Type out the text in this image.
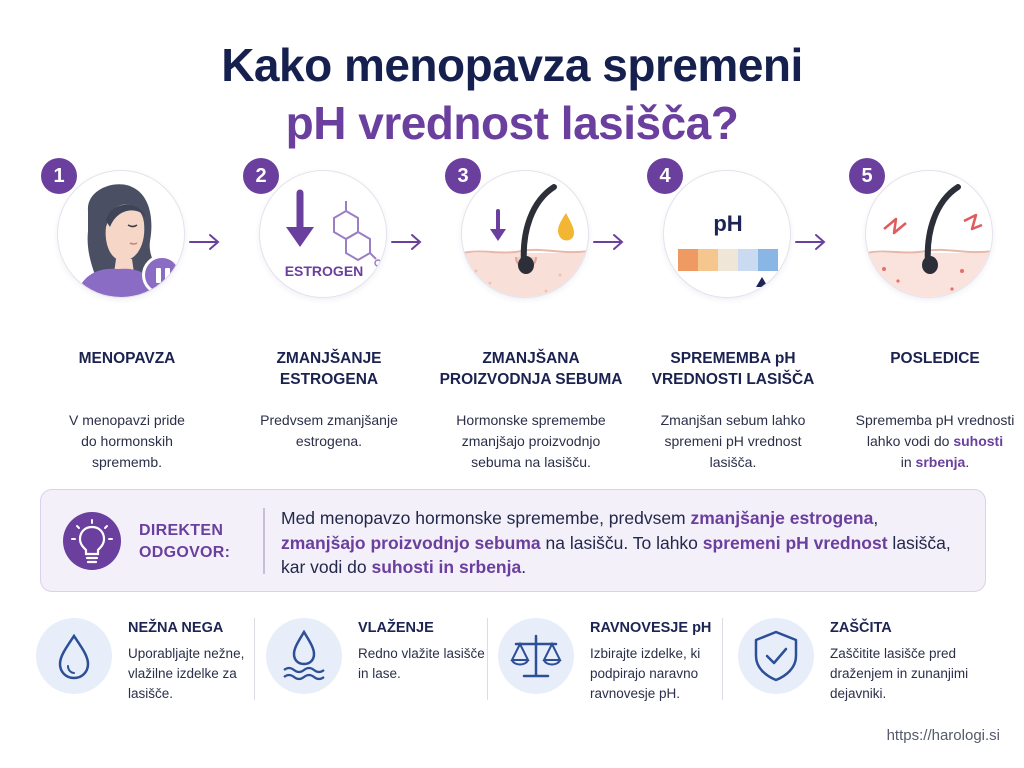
Kako menopavza spremeni
pH vrednost lasišča?
1
MENOPAVZA
V menopavzi pride
do hormonskih
sprememb.
2
ESTROGEN
ZMANJŠANJE
ESTROGENA
Predvsem zmanjšanje
estrogena.
3
ZMANJŠANA
PROIZVODNJA SEBUMA
Hormonske spremembe
zmanjšajo proizvodnjo
sebuma na lasišču.
4
pH
SPREMEMBA pH
VREDNOSTI LASIŠČA
Zmanjšan sebum lahko
spremeni pH vrednost
lasišča.
5
POSLEDICE
Sprememba pH vrednosti
lahko vodi do suhosti
in srbenja.
DIREKTEN
ODGOVOR:
Med menopavzo hormonske spremembe, predvsem zmanjšanje estrogena, zmanjšajo proizvodnjo sebuma na lasišču. To lahko spremeni pH vrednost lasišča, kar vodi do suhosti in srbenja.
NEŽNA NEGA
Uporabljajte nežne,
vlažilne izdelke za
lasišče.
VLAŽENJE
Redno vlažite lasišče
in lase.
RAVNOVESJE pH
Izbirajte izdelke, ki
podpirajo naravno
ravnovesje pH.
ZAŠČITA
Zaščitite lasišče pred
draženjem in zunanjimi
dejavniki.
https://harologi.si
